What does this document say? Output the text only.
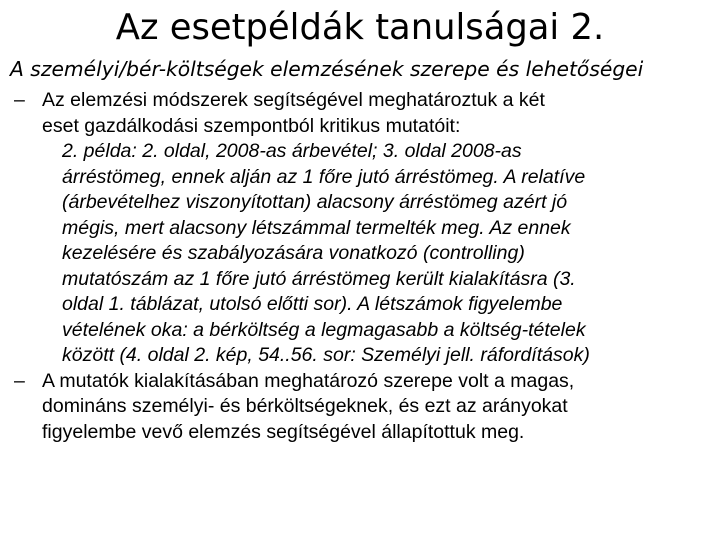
Az esetpéldák tanulságai 2.

A személyi/bér-költségek elemzésének szerepe és lehetőségei

– Az elemzési módszerek segítségével meghatároztuk a két
eset gazdálkodási szempontból kritikus mutatóit:
2. példa: 2. oldal, 2008-as árbevétel; 3. oldal 2008-as
árréstömeg, ennek alján az 1 főre jutó árréstömeg. A relatíve
(árbevételhez viszonyítottan) alacsony árréstömeg azért jó
mégis, mert alacsony létszámmal termelték meg. Az ennek
kezelésére és szabályozására vonatkozó (controlling)
mutatószám az 1 főre jutó árréstömeg került kialakításra (3.
oldal 1. táblázat, utolsó előtti sor). A létszámok figyelembe
vételének oka: a bérköltség a legmagasabb a költség-tételek
között (4. oldal 2. kép, 54..56. sor: Személyi jell. ráfordítások)
– A mutatók kialakításában meghatározó szerepe volt a magas,
domináns személyi- és bérköltségeknek, és ezt az arányokat
figyelembe vevő elemzés segítségével állapítottuk meg.
